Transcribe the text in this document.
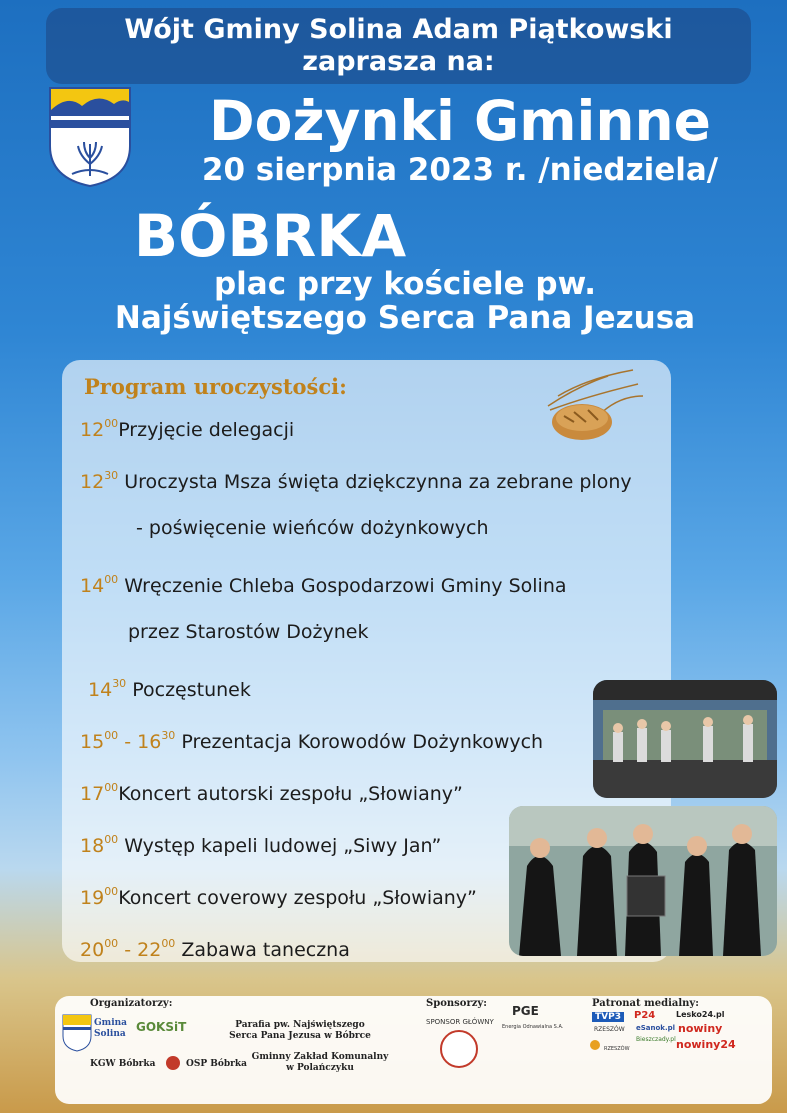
Wójt Gminy Solina Adam Piątkowski
zaprasza na:
Dożynki Gminne
20 sierpnia 2023 r. /niedziela/
BÓBRKA
plac przy kościele pw.
Najświętszego Serca Pana Jezusa
Program uroczystości:
$12^{00}Przyjęcie$ delegacji
$12^{30}$ Uroczysta Msza święta dziękczynna za zebrane plony
- poświęcenie wieńców dożynkowych
$14^{00}$ Wręczenie Chleba Gospodarzowi Gminy Solina
przez Starostów Dożynek
$14^{30}$ Poczęstunek
$15^{00} - 16^{30}$ Prezentacja Korowodów Dożynkowych
$17^{00}Koncert$ autorski zespołu „Słowiany”
$18^{00}$ Występ kapeli ludowej „Siwy Jan”
$19^{00}Koncert$ coverowy zespołu „Słowiany”
$20^{00} - 22^{00}$ Zabawa taneczna
Organizatorzy:
Gmina
Solina GOKSiT	Parafia pw. Najświętszego
Serca Pana Jezusa w Bóbrce
KGW Bóbrka	OSP Bóbrka
Gminny Zakład Komunalny
w Polańczyku
Sponsorzy:
SPONSOR GŁÓWNY
PGE
Energia Odnawialna S.A.
Patronat medialny:
TVP3
RZESZÓW
P24	Lesko24.pl
eSanok.pl
Bieszczady.pl
RZESZÓW
nowiny
nowiny24
